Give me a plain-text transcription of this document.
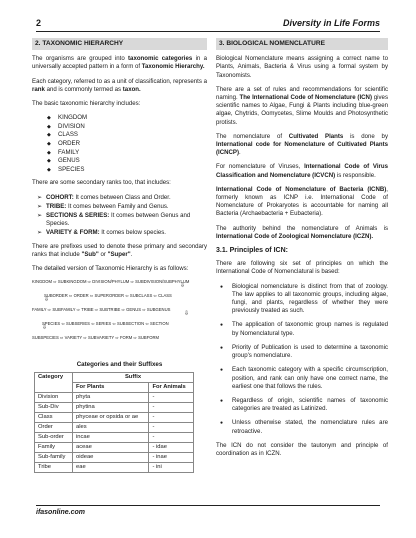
2	Diversity in Life Forms
2. TAXONOMIC HIERARCHY

The organisms are grouped into taxonomic categories in a universally accepted pattern in a form of Taxonomic Hierarchy.

Each category, referred to as a unit of classification, represents a rank and is commonly termed as taxon.

The basic taxonomic hierarchy includes:

◆ KINGDOM
◆ DIVISION
◆ CLASS
◆ ORDER
◆ FAMILY
◆ GENUS
◆ SPECIES

There are some secondary ranks too, that includes:

➢ COHORT: It comes between Class and Order.
➢ TRIBE: It comes between Family and Genus.
➢ SECTIONS & SERIES: It comes between Genus and Species.
➢ VARIETY & FORM: It comes below species.

There are prefixes used to denote these primary and secondary ranks that include "Sub" or "Super".

The detailed version of Taxonomic Hierarchy is as follows:

KINGDOM ⇨ SUBKINGDOM ⇨ DIVISION/PHYLUM ⇨ SUBDIVISION/SUBPHYLUM
⇩
SUBORDER ⇦ ORDER ⇦ SUPERORDER ⇦ SUBCLASS ⇦ CLASS
⇩
FAMILY ⇨ SUBFAMILY ⇨ TRIBE ⇨ SUBTRIBE ⇨ GENUS ⇨ SUBGENUS
⇩
SPECIES ⇦ SUBSERIES ⇦ SERIES ⇦ SUBSECTION ⇦ SECTION
⇩
SUBSPECIES ⇨ VARIETY ⇨ SUBVARIETY ⇨ FORM ⇨ SUBFORM
Categories and their Suffixes
Category	Suffix	
	For Plants	For Animals
Division	phyta	-
Sub-Div	phytina	-
Class	phyceae or opsida or ae	-
Order	ales	-
Sub-order	incae	-
Family	aceae	- idae
Sub-family	oideae	- inae
Tribe	eae	- ini
3. BIOLOGICAL NOMENCLATURE

Biological Nomenclature means assigning a correct name to Plants, Animals, Bacteria & Virus using a formal system by Taxonomists.

There are a set of rules and recommendations for scientific naming. The International Code of Nomenclature (ICN) gives scientific names to Algae, Fungi & Plants including blue-green algae, Chytrids, Oomycetes, Slime Moulds and Photosynthetic protists.

The nomenclature of Cultivated Plants is done by International code for Nomenclature of Cultivated Plants (ICNCP).

For nomenclature of Viruses, International Code of Virus Classification and Nomenclature (ICVCN) is responsible.

International Code of Nomenclature of Bacteria (ICNB), formerly known as ICNP i.e. International Code of Nomenclature of Prokaryotes is accountable for naming all Bacteria (Archaebacteria + Eubacteria).

The authority behind the nomenclature of Animals is International Code of Zoological Nomenclature (ICZN).

3.1. Principles of ICN:

There are following six set of principles on which the International Code of Nomenclatural is based:

● Biological nomenclature is distinct from that of zoology. The law applies to all taxonomic groups, including algae, fungi, and plants, regardless of whether they were previously treated as such.
● The application of taxonomic group names is regulated by Nomenclatural type.
● Priority of Publication is used to determine a taxonomic group's nomenclature.
● Each taxonomic category with a specific circumscription, position, and rank can only have one correct name, the earliest one that follows the rules.
● Regardless of origin, scientific names of taxonomic categories are treated as Latinized.
● Unless otherwise stated, the nomenclature rules are retroactive.

The ICN do not consider the tautonym and principle of coordination as in ICZN.

ifasonline.com
